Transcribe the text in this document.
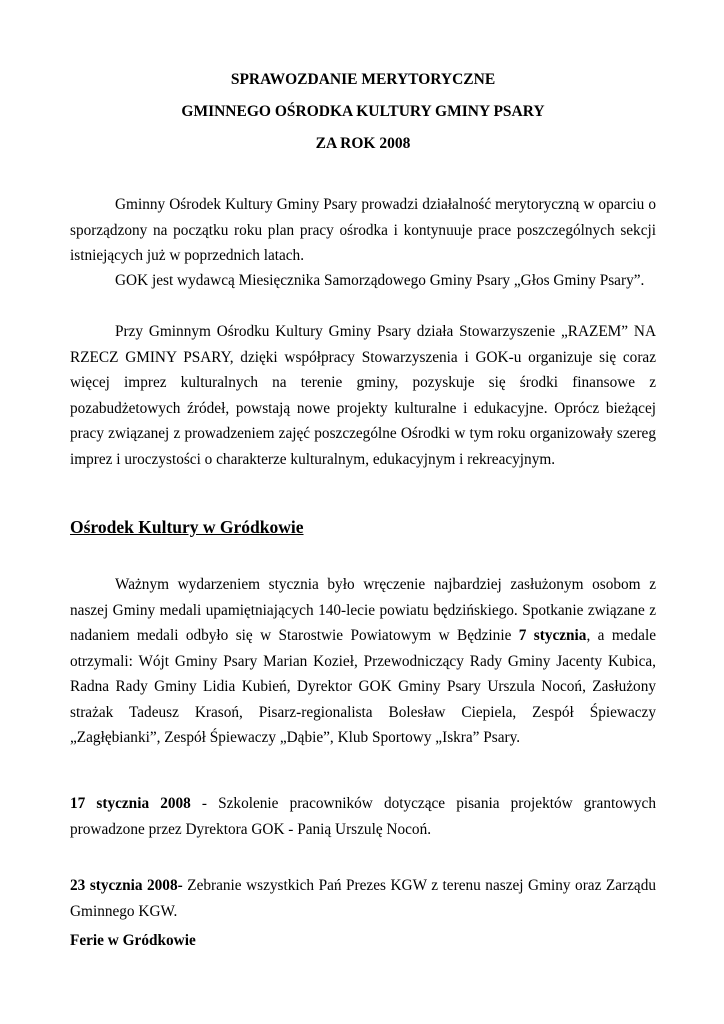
SPRAWOZDANIE MERYTORYCZNE
GMINNEGO OŚRODKA KULTURY GMINY PSARY
ZA ROK 2008

Gminny Ośrodek Kultury Gminy Psary prowadzi działalność merytoryczną w oparciu o sporządzony na początku roku plan pracy ośrodka i kontynuuje prace poszczególnych sekcji istniejących już w poprzednich latach.

GOK jest wydawcą Miesięcznika Samorządowego Gminy Psary „Głos Gminy Psary”.

Przy Gminnym Ośrodku Kultury Gminy Psary działa Stowarzyszenie „RAZEM” NA RZECZ GMINY PSARY, dzięki współpracy Stowarzyszenia i GOK-u organizuje się coraz więcej imprez kulturalnych na terenie gminy, pozyskuje się środki finansowe z pozabudżetowych źródeł, powstają nowe projekty kulturalne i edukacyjne. Oprócz bieżącej pracy związanej z prowadzeniem zajęć poszczególne Ośrodki w tym roku organizowały szereg imprez i uroczystości o charakterze kulturalnym, edukacyjnym i rekreacyjnym.

Ośrodek Kultury w Gródkowie

Ważnym wydarzeniem stycznia było wręczenie najbardziej zasłużonym osobom z naszej Gminy medali upamiętniających 140-lecie powiatu będzińskiego. Spotkanie związane z nadaniem medali odbyło się w Starostwie Powiatowym w Będzinie 7 stycznia, a medale otrzymali: Wójt Gminy Psary Marian Kozieł, Przewodniczący Rady Gminy Jacenty Kubica, Radna Rady Gminy Lidia Kubień, Dyrektor GOK Gminy Psary Urszula Nocoń, Zasłużony strażak Tadeusz Krasoń, Pisarz-regionalista Bolesław Ciepiela, Zespół Śpiewaczy „Zagłębianki”, Zespół Śpiewaczy „Dąbie”, Klub Sportowy „Iskra” Psary.

17 stycznia 2008 - Szkolenie pracowników dotyczące pisania projektów grantowych prowadzone przez Dyrektora GOK - Panią Urszulę Nocoń.

23 stycznia 2008- Zebranie wszystkich Pań Prezes KGW z terenu naszej Gminy oraz Zarządu Gminnego KGW.

Ferie w Gródkowie
